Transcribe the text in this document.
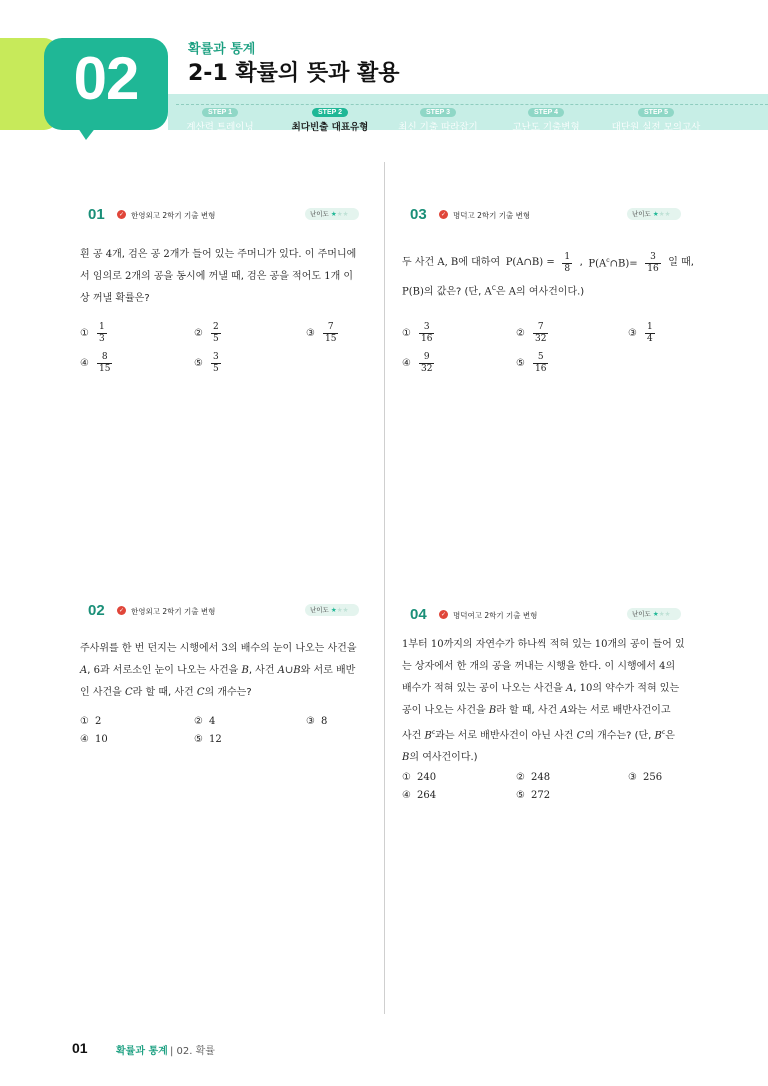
02	확률과 통계
2-1 확률의 뜻과 활용
STEP 1
계산력 트레이닝
STEP 2
최다빈출 대표유형
STEP 3
최신 기출 따라잡기
STEP 4
고난도 기출변형
STEP 5
대단원 실전 모의고사
01	✓ 한영외고 2학기 기출 변형	난이도 ★★★
흰 공 4개, 검은 공 2개가 들어 있는 주머니가 있다. 이 주머니에
서 임의로 2개의 공을 동시에 꺼낼 때, 검은 공을 적어도 1개 이
상 꺼낼 확률은?
① $\frac{1}{3}$	② $\frac{2}{5}$	③ $\frac{7}{15}$
④ $\frac{8}{15}$	⑤ $\frac{3}{5}$
02	✓ 한영외고 2학기 기출 변형	난이도 ★★★
주사위를 한 번 던지는 시행에서 3의 배수의 눈이 나오는 사건을
A, 6과 서로소인 눈이 나오는 사건을 B, 사건 A∪B와 서로 배반
인 사건을 C라 할 때, 사건 C의 개수는?
① 2	② 4	③ 8
④ 10	⑤ 12
03	✓ 명덕고 2학기 기출 변형	난이도 ★★★
두 사건 A, B에 대하여 P(A∩B) = $\frac{1}{8}$ , $P(A^c\cap B)= \frac{3}{16}$ 일 때,
P(B)의 값은? (단, $A^C$은 A의 여사건이다.)
① $\frac{3}{16}$	② $\frac{7}{32}$	③ $\frac{1}{4}$
④ $\frac{9}{32}$	⑤ $\frac{5}{16}$
04	✓ 명덕여고 2학기 기출 변형	난이도 ★★★
1부터 10까지의 자연수가 하나씩 적혀 있는 10개의 공이 들어 있
는 상자에서 한 개의 공을 꺼내는 시행을 한다. 이 시행에서 4의
배수가 적혀 있는 공이 나오는 사건을 A, 10의 약수가 적혀 있는
공이 나오는 사건을 B라 할 때, 사건 A와는 서로 배반사건이고
사건 $B^c$과는 서로 배반사건이 아닌 사건 C의 개수는? (단, $B^c$은
B의 여사건이다.)
① 240	② 248	③ 256
④ 264	⑤ 272
01	확률과 통계 | 02. 확률
